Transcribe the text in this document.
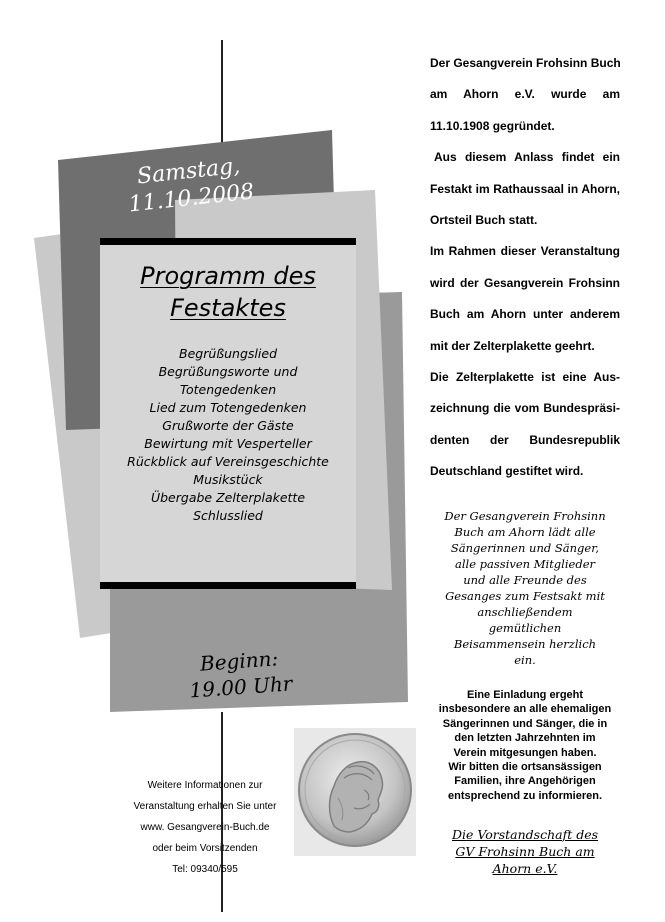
Samstag,
11.10.2008
Programm des
Festaktes
Begrüßungslied
Begrüßungsworte und
Totengedenken
Lied zum Totengedenken
Grußworte der Gäste
Bewirtung mit Vesperteller
Rückblick auf Vereinsgeschichte
Musikstück
Übergabe Zelterplakette
Schlusslied
Beginn:
19.00 Uhr
Der Gesangverein Frohsinn Buch
am Ahorn e.V. wurde am
11.10.1908 gegründet.
Aus diesem Anlass findet ein
Festakt im Rathaussaal in Ahorn,
Ortsteil Buch statt.
Im Rahmen dieser Veranstaltung
wird der Gesangverein Frohsinn
Buch am Ahorn unter anderem
mit der Zelterplakette geehrt.
Die Zelterplakette ist eine Aus-
zeichnung die vom Bundespräsi-
denten der Bundesrepublik
Deutschland gestiftet wird.
Der Gesangverein Frohsinn
Buch am Ahorn lädt alle
Sängerinnen und Sänger,
alle passiven Mitglieder
und alle Freunde des
Gesanges zum Festsakt mit
anschließendem
gemütlichen
Beisammensein herzlich
ein.
Eine Einladung ergeht
insbesondere an alle ehemaligen
Sängerinnen und Sänger, die in
den letzten Jahrzehnten im
Verein mitgesungen haben.
Wir bitten die ortsansässigen
Familien, ihre Angehörigen
entsprechend zu informieren.
Die Vorstandschaft des
GV Frohsinn Buch am
Ahorn e.V.
Weitere Informationen zur
Veranstaltung erhalten Sie unter
www. Gesangverein-Buch.de
oder beim Vorsitzenden
Tel: 09340/595
